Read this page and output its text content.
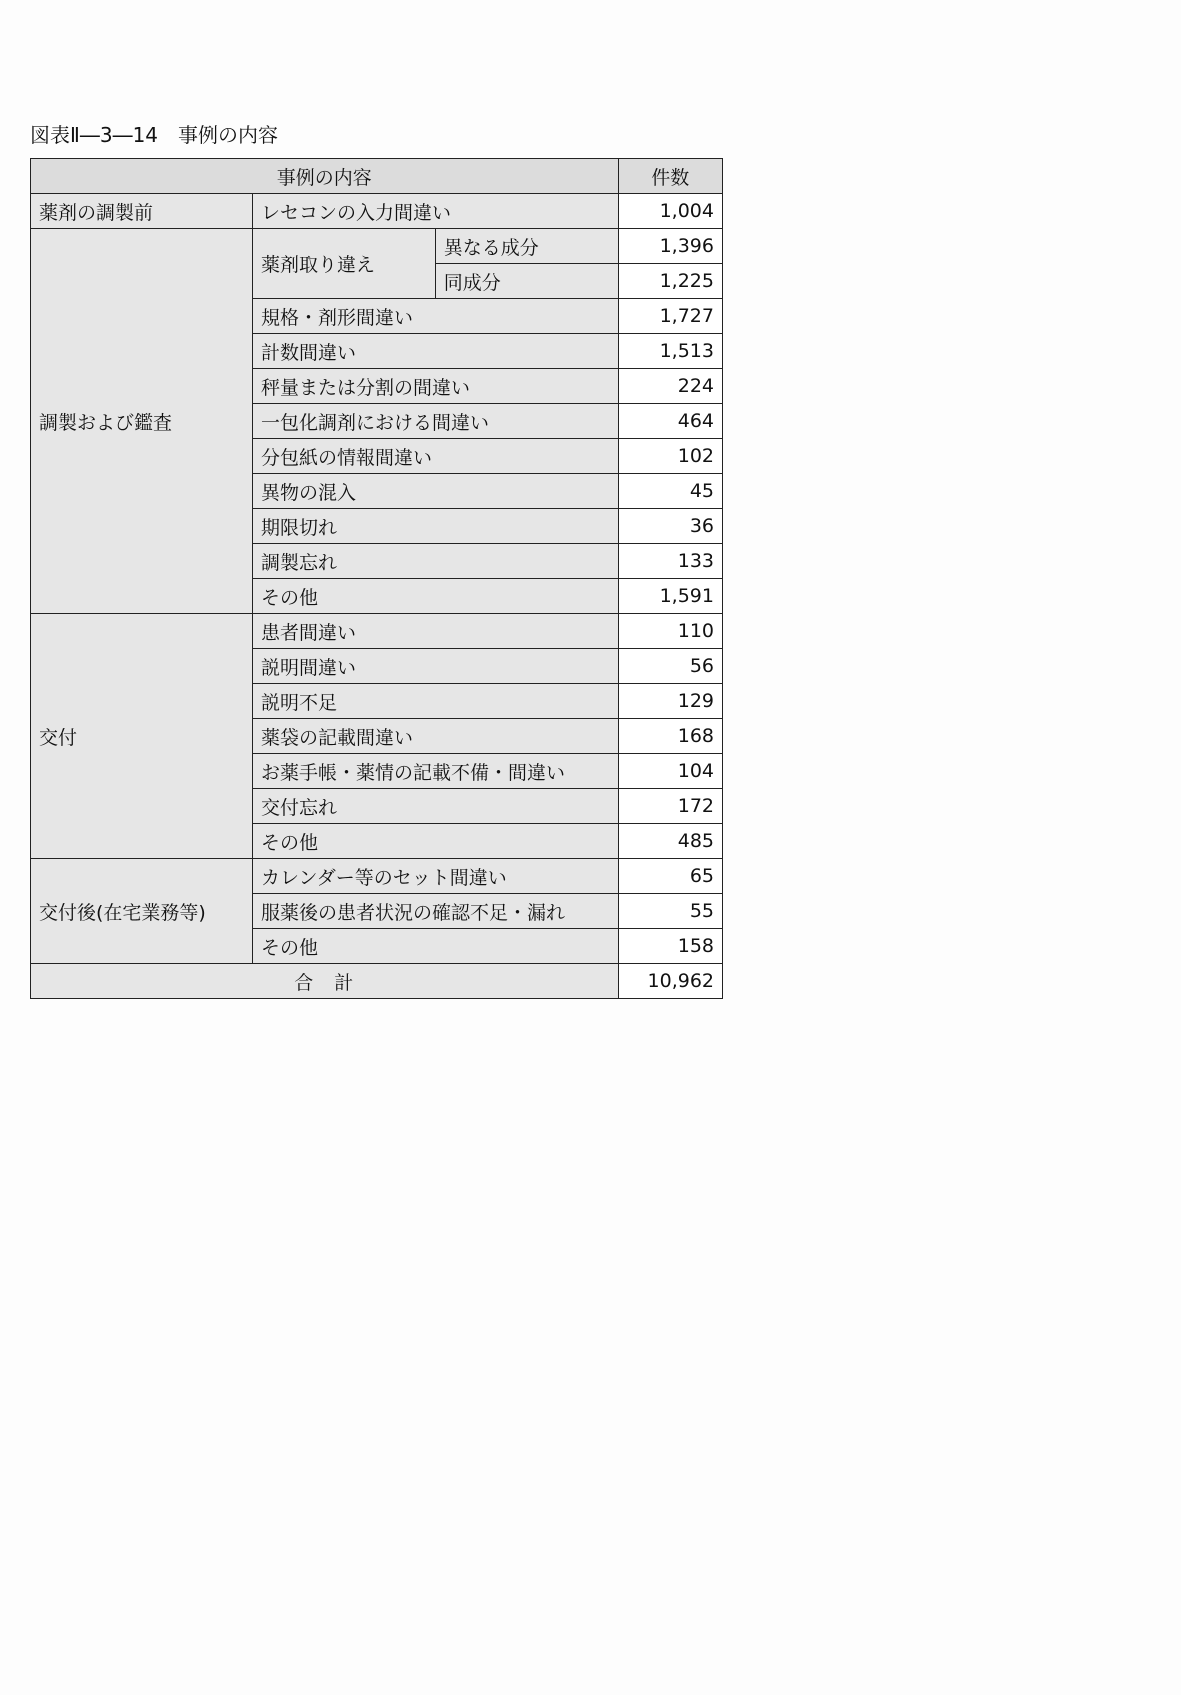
図表Ⅱ―3―14　事例の内容
事例の内容			件数
薬剤の調製前	レセコンの入力間違い		1,004
調製および鑑査	薬剤取り違え	異なる成分	1,396
		同成分	1,225
	規格・剤形間違い		1,727
	計数間違い		1,513
	秤量または分割の間違い		224
	一包化調剤における間違い		464
	分包紙の情報間違い		102
	異物の混入		45
	期限切れ		36
	調製忘れ		133
	その他		1,591
交付	患者間違い		110
	説明間違い		56
	説明不足		129
	薬袋の記載間違い		168
	お薬手帳・薬情の記載不備・間違い		104
	交付忘れ		172
	その他		485
交付後(在宅業務等)	カレンダー等のセット間違い		65
	服薬後の患者状況の確認不足・漏れ		55
	その他		158
合　計			10,962
